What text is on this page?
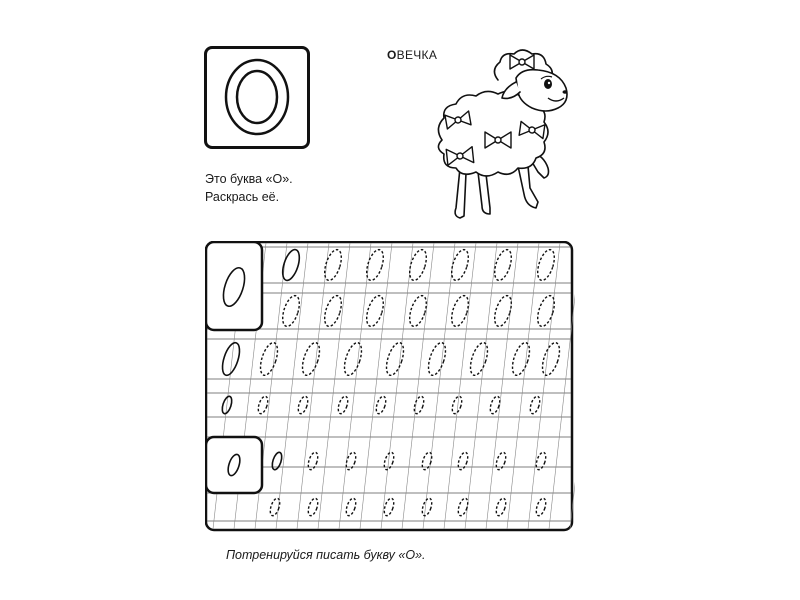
Это буква «О».
Раскрась её.
ОВЕЧКА
Потренируйся писать букву «О».
